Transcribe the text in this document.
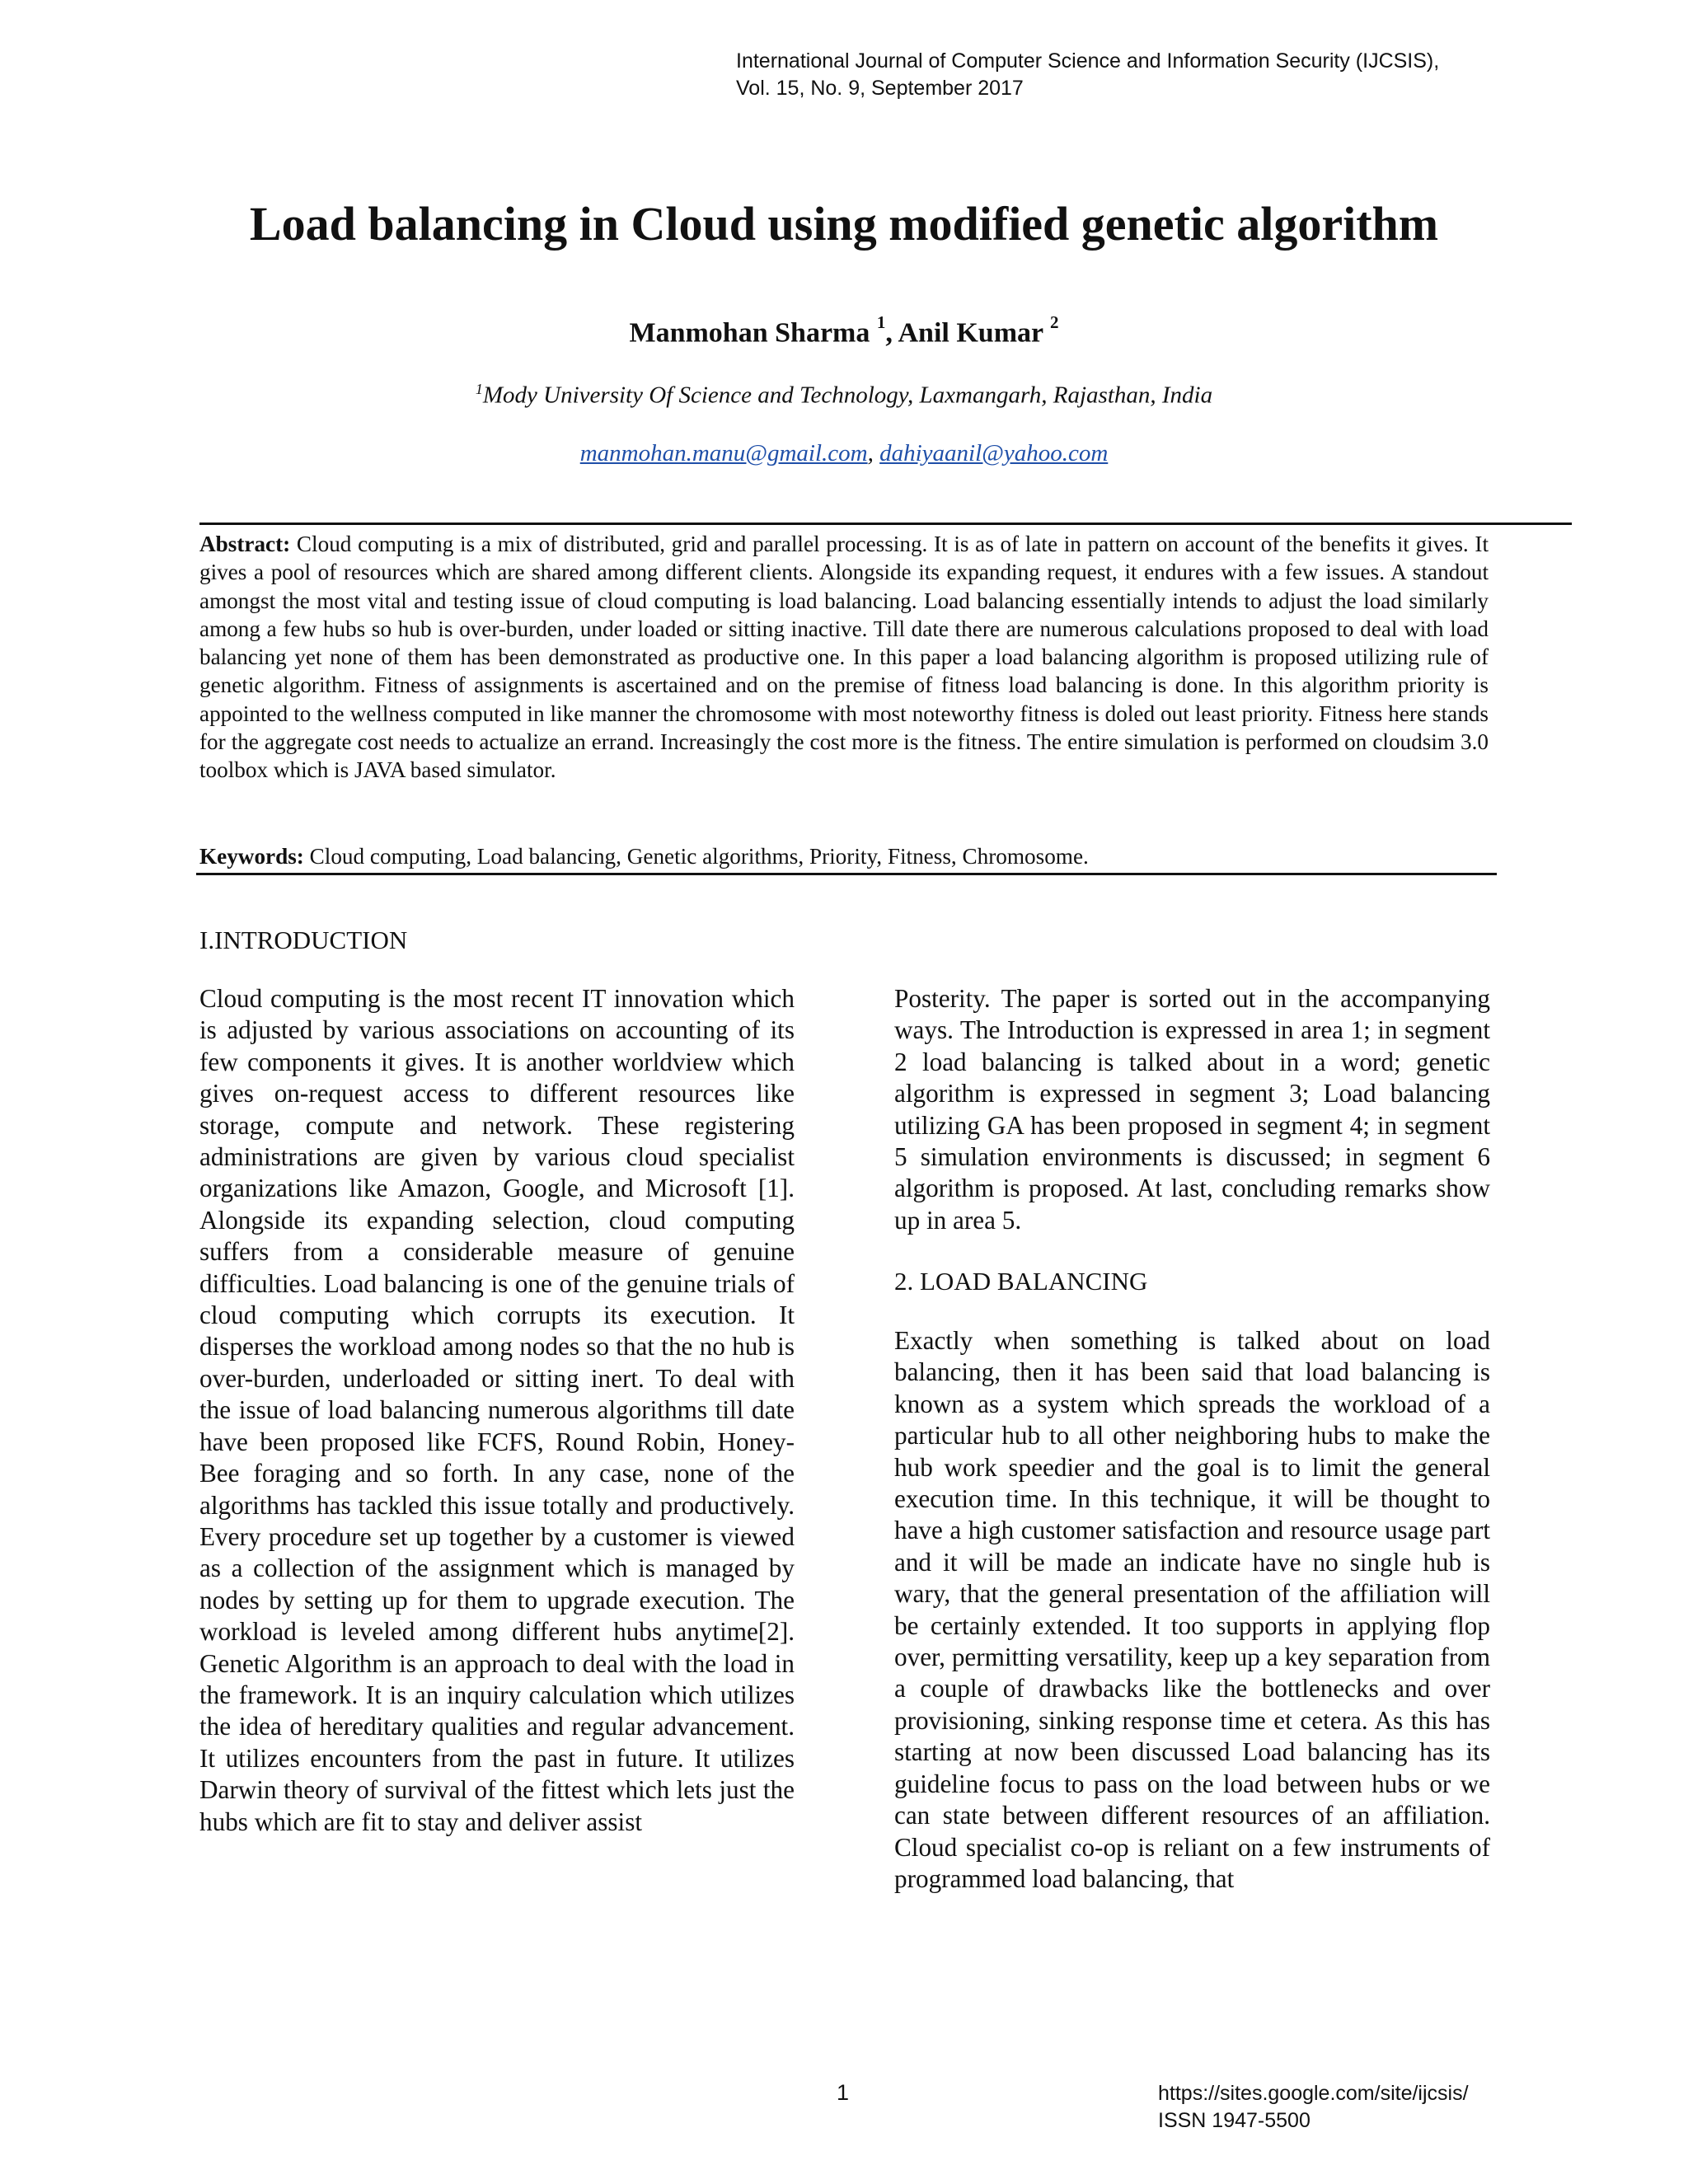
International Journal of Computer Science and Information Security (IJCSIS),
Vol. 15, No. 9, September 2017
Load balancing in Cloud using modified genetic algorithm
Manmohan Sharma $^1$, Anil Kumar $^2$
$^1$Mody University Of Science and Technology, Laxmangarh, Rajasthan, India
manmohan.manu@gmail.com, dahiyaanil@yahoo.com

Abstract: Cloud computing is a mix of distributed, grid and parallel processing. It is as of late in pattern on account of the benefits it gives. It gives a pool of resources which are shared among different clients. Alongside its expanding request, it endures with a few issues. A standout amongst the most vital and testing issue of cloud computing is load balancing. Load balancing essentially intends to adjust the load similarly among a few hubs so hub is over-burden, under loaded or sitting inactive. Till date there are numerous calculations proposed to deal with load balancing yet none of them has been demonstrated as productive one. In this paper a load balancing algorithm is proposed utilizing rule of genetic algorithm. Fitness of assignments is ascertained and on the premise of fitness load balancing is done. In this algorithm priority is appointed to the wellness computed in like manner the chromosome with most noteworthy fitness is doled out least priority. Fitness here stands for the aggregate cost needs to actualize an errand. Increasingly the cost more is the fitness. The entire simulation is performed on cloudsim 3.0 toolbox which is JAVA based simulator.

Keywords: Cloud computing, Load balancing, Genetic algorithms, Priority, Fitness, Chromosome.

I.INTRODUCTION

Cloud computing is the most recent IT innovation which is adjusted by various associations on accounting of its few components it gives. It is another worldview which gives on-request access to different resources like storage, compute and network. These registering administrations are given by various cloud specialist organizations like Amazon, Google, and Microsoft [1]. Alongside its expanding selection, cloud computing suffers from a considerable measure of genuine difficulties. Load balancing is one of the genuine trials of cloud computing which corrupts its execution. It disperses the workload among nodes so that the no hub is over-burden, underloaded or sitting inert. To deal with the issue of load balancing numerous algorithms till date have been proposed like FCFS, Round Robin, Honey-Bee foraging and so forth. In any case, none of the algorithms has tackled this issue totally and productively. Every procedure set up together by a customer is viewed as a collection of the assignment which is managed by nodes by setting up for them to upgrade execution. The workload is leveled among different hubs anytime[2]. Genetic Algorithm is an approach to deal with the load in the framework. It is an inquiry calculation which utilizes the idea of hereditary qualities and regular advancement. It utilizes encounters from the past in future. It utilizes Darwin theory of survival of the fittest which lets just the hubs which are fit to stay and deliver assist

Posterity. The paper is sorted out in the accompanying ways. The Introduction is expressed in area 1; in segment 2 load balancing is talked about in a word; genetic algorithm is expressed in segment 3; Load balancing utilizing GA has been proposed in segment 4; in segment 5 simulation environments is discussed; in segment 6 algorithm is proposed. At last, concluding remarks show up in area 5.

2. LOAD BALANCING

Exactly when something is talked about on load balancing, then it has been said that load balancing is known as a system which spreads the workload of a particular hub to all other neighboring hubs to make the hub work speedier and the goal is to limit the general execution time. In this technique, it will be thought to have a high customer satisfaction and resource usage part and it will be made an indicate have no single hub is wary, that the general presentation of the affiliation will be certainly extended. It too supports in applying flop over, permitting versatility, keep up a key separation from a couple of drawbacks like the bottlenecks and over provisioning, sinking response time et cetera. As this has starting at now been discussed Load balancing has its guideline focus to pass on the load between hubs or we can state between different resources of an affiliation. Cloud specialist co-op is reliant on a few instruments of programmed load balancing, that

1	https://sites.google.com/site/ijcsis/
ISSN 1947-5500
